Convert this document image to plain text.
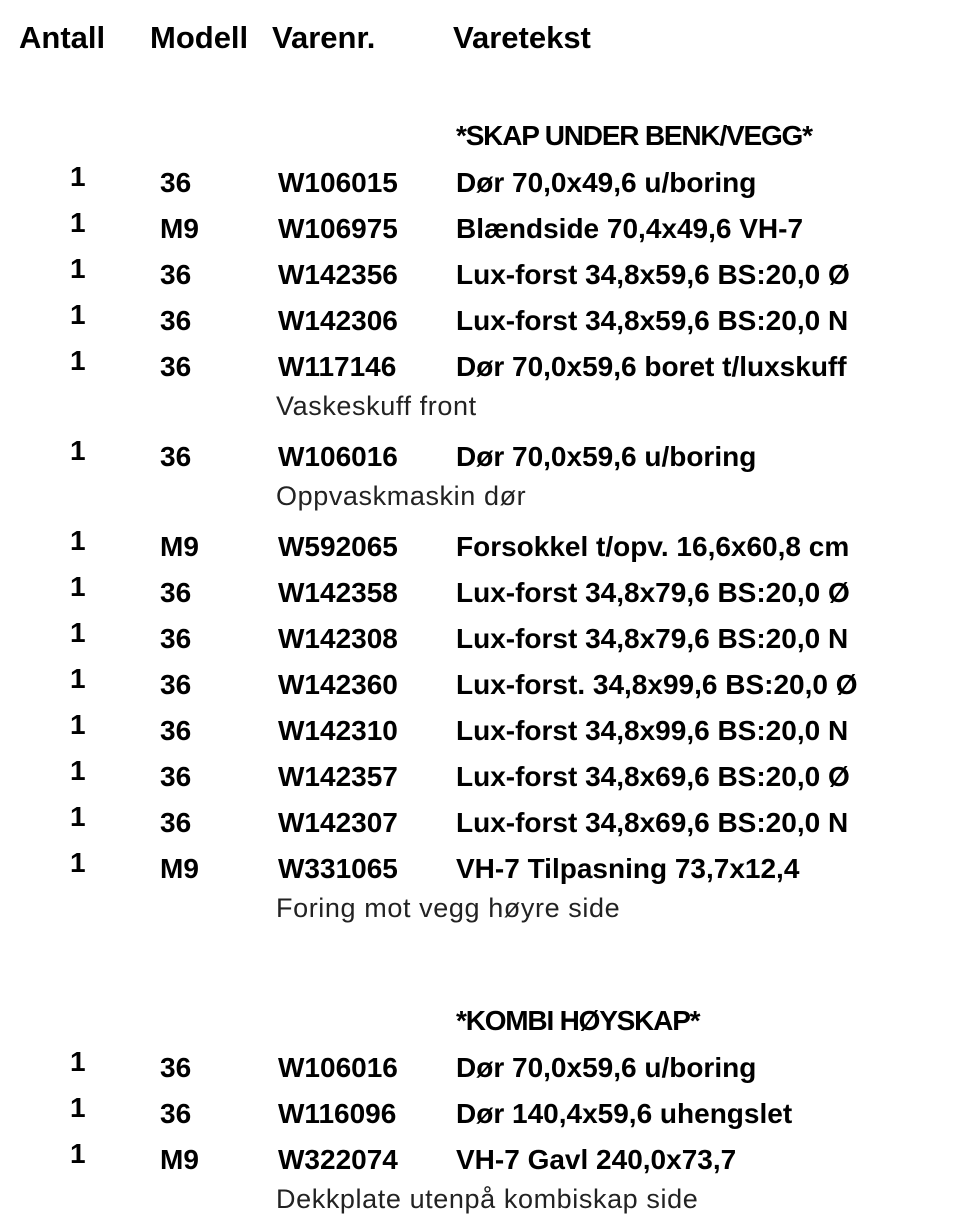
Antall Modell Varenr.	Varetekst
*SKAP UNDER BENK/VEGG*
1	36	W106015 Dør 70,0x49,6 u/boring
1	M9	W106975 Blændside 70,4x49,6 VH-7
1	36	W142356 Lux-forst 34,8x59,6 BS:20,0 Ø
1	36	W142306 Lux-forst 34,8x59,6 BS:20,0 N
1	36	W117146 Dør 70,0x59,6 boret t/luxskuff
Vaskeskuff front
1	36	W106016 Dør 70,0x59,6 u/boring
Oppvaskmaskin dør
1	M9	W592065 Forsokkel t/opv. 16,6x60,8 cm
1	36	W142358 Lux-forst 34,8x79,6 BS:20,0 Ø
1	36	W142308 Lux-forst 34,8x79,6 BS:20,0 N
1	36	W142360 Lux-forst. 34,8x99,6 BS:20,0 Ø
1	36	W142310 Lux-forst 34,8x99,6 BS:20,0 N
1	36	W142357 Lux-forst 34,8x69,6 BS:20,0 Ø
1	36	W142307 Lux-forst 34,8x69,6 BS:20,0 N
1	M9	W331065 VH-7 Tilpasning 73,7x12,4
Foring mot vegg høyre side
*KOMBI HØYSKAP*
1	36	W106016 Dør 70,0x59,6 u/boring
1	36	W116096 Dør 140,4x59,6 uhengslet
1	M9	W322074 VH-7 Gavl 240,0x73,7
Dekkplate utenpå kombiskap side
